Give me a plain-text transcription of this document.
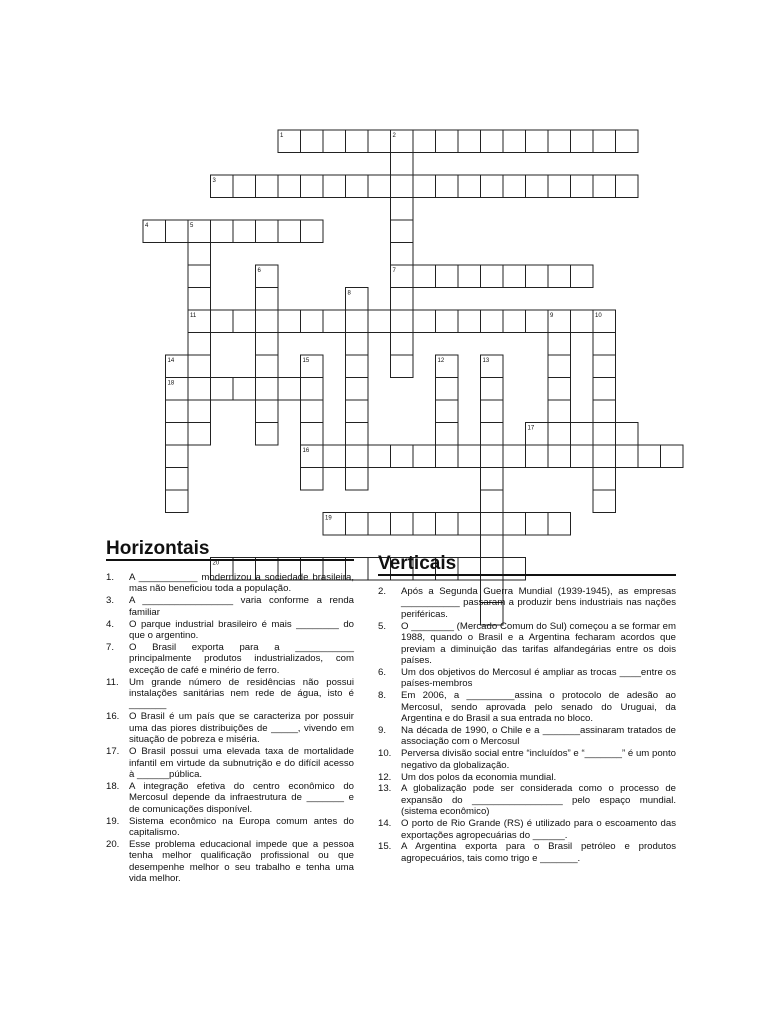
1	2
3
4	5
6	7
8
9	10
11
12	13
14	15
16
17
18
19
20
Horizontais
Verticais
1. A ___________ modernizou a sociedade brasileira, mas não beneficiou toda a população.
3. A _________________ varia conforme a renda familiar
4. O parque industrial brasileiro é mais ________ do que o argentino.
7. O Brasil exporta para a ___________ principalmente produtos industrializados, com exceção de café e minério de ferro.
11. Um grande número de residências não possui instalações sanitárias nem rede de água, isto é _______
16. O Brasil é um país que se caracteriza por possuir uma das piores distribuições de _____, vivendo em situação de pobreza e miséria.
17. O Brasil possui uma elevada taxa de mortalidade infantil em virtude da subnutrição e do difícil acesso à ______pública.
18. A integração efetiva do centro econômico do Mercosul depende da infraestrutura de _______ e de comunicações disponível.
19. Sistema econômico na Europa comum antes do capitalismo.
20. Esse problema educacional impede que a pessoa tenha melhor qualificação profissional ou que desempenhe melhor o seu trabalho e tenha uma vida melhor.
2. Após a Segunda Guerra Mundial (1939-1945), as empresas ___________ passaram a produzir bens industriais nas nações periféricas.
5. O ________ (Mercado Comum do Sul) começou a se formar em 1988, quando o Brasil e a Argentina fecharam acordos que previam a diminuição das tarifas alfandegárias entre os dois países.
6. Um dos objetivos do Mercosul é ampliar as trocas ____entre os países-membros
8. Em 2006, a _________assina o protocolo de adesão ao Mercosul, sendo aprovada pelo senado do Uruguai, da Argentina e do Brasil a sua entrada no bloco.
9. Na década de 1990, o Chile e a _______assinaram tratados de associação com o Mercosul
10. Perversa divisão social entre “incluídos” e “_______” é um ponto negativo da globalização.
12. Um dos polos da economia mundial.
13. A globalização pode ser considerada como o processo de expansão do _________________ pelo espaço mundial. (sistema econômico)
14. O porto de Rio Grande (RS) é utilizado para o escoamento das exportações agropecuárias do ______.
15. A Argentina exporta para o Brasil petróleo e produtos agropecuários, tais como trigo e _______.
